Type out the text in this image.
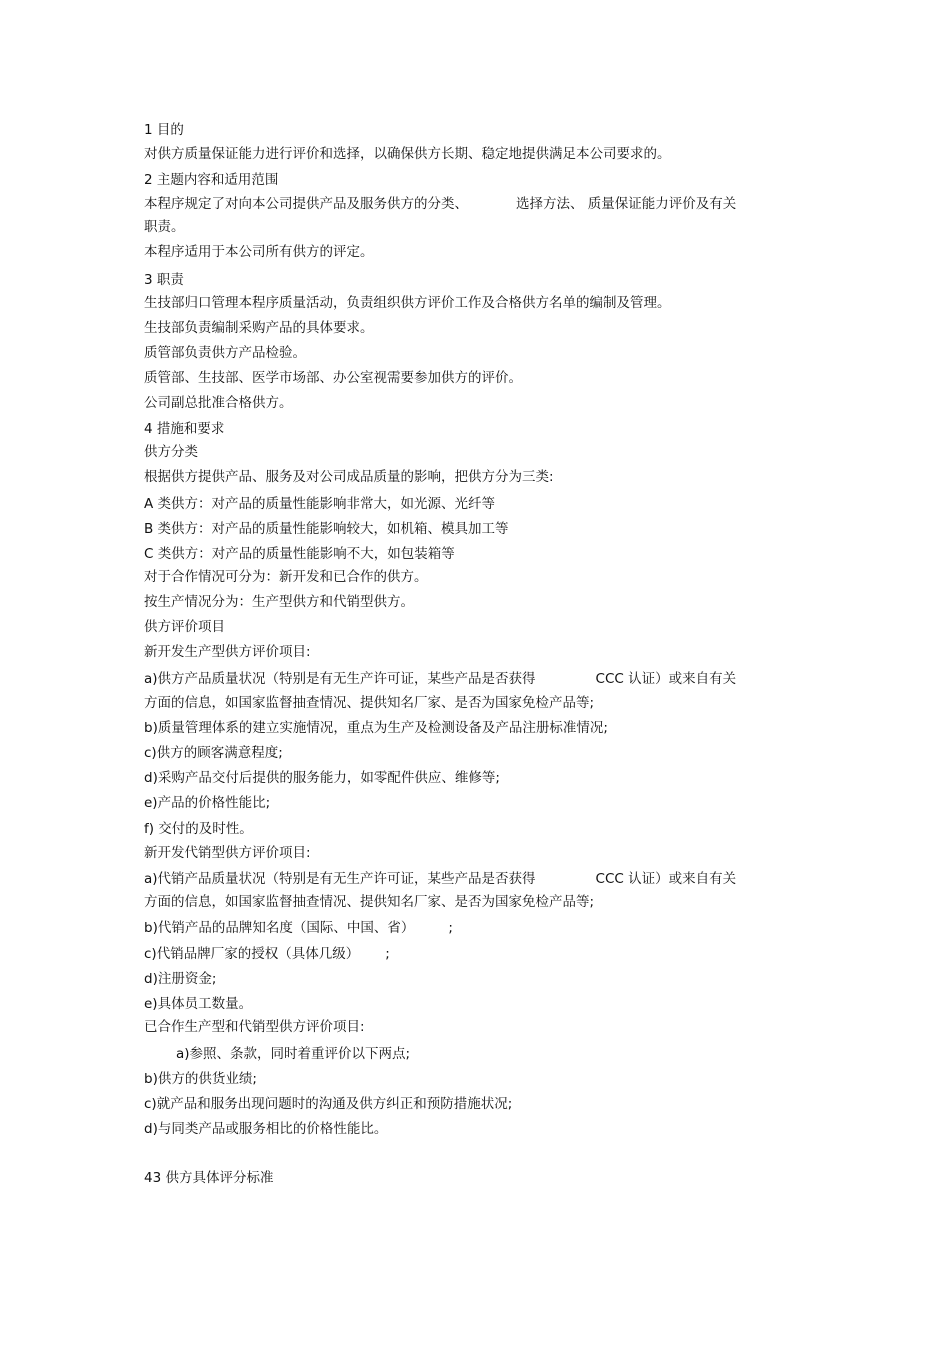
1 目的
对供方质量保证能力进行评价和选择，以确保供方长期、稳定地提供满足本公司要求的。
2 主题内容和适用范围
本程序规定了对向本公司提供产品及服务供方的分类、	选择方法、 质量保证能力评价及有关
职责。
本程序适用于本公司所有供方的评定。
3 职责
生技部归口管理本程序质量活动，负责组织供方评价工作及合格供方名单的编制及管理。
生技部负责编制采购产品的具体要求。
质管部负责供方产品检验。
质管部、生技部、医学市场部、办公室视需要参加供方的评价。
公司副总批准合格供方。
4 措施和要求
供方分类
根据供方提供产品、服务及对公司成品质量的影响，把供方分为三类:
A 类供方：对产品的质量性能影响非常大，如光源、光纤等
B 类供方：对产品的质量性能影响较大，如机箱、模具加工等
C 类供方：对产品的质量性能影响不大，如包装箱等
对于合作情况可分为：新开发和已合作的供方。
按生产情况分为：生产型供方和代销型供方。
供方评价项目
新开发生产型供方评价项目:
a)供方产品质量状况（特别是有无生产许可证，某些产品是否获得	CCC 认证）或来自有关
方面的信息，如国家监督抽查情况、提供知名厂家、是否为国家免检产品等;
b)质量管理体系的建立实施情况，重点为生产及检测设备及产品注册标准情况;
c)供方的顾客满意程度;
d)采购产品交付后提供的服务能力，如零配件供应、维修等;
e)产品的价格性能比;
f) 交付的及时性。
新开发代销型供方评价项目:
a)代销产品质量状况（特别是有无生产许可证，某些产品是否获得	CCC 认证）或来自有关
方面的信息，如国家监督抽查情况、提供知名厂家、是否为国家免检产品等;
b)代销产品的品牌知名度（国际、中国、省）	;
c)代销品牌厂家的授权（具体几级） ;
d)注册资金;
e)具体员工数量。
已合作生产型和代销型供方评价项目:
a)参照、条款，同时着重评价以下两点;
b)供方的供货业绩;
c)就产品和服务出现问题时的沟通及供方纠正和预防措施状况;
d)与同类产品或服务相比的价格性能比。
43 供方具体评分标准
